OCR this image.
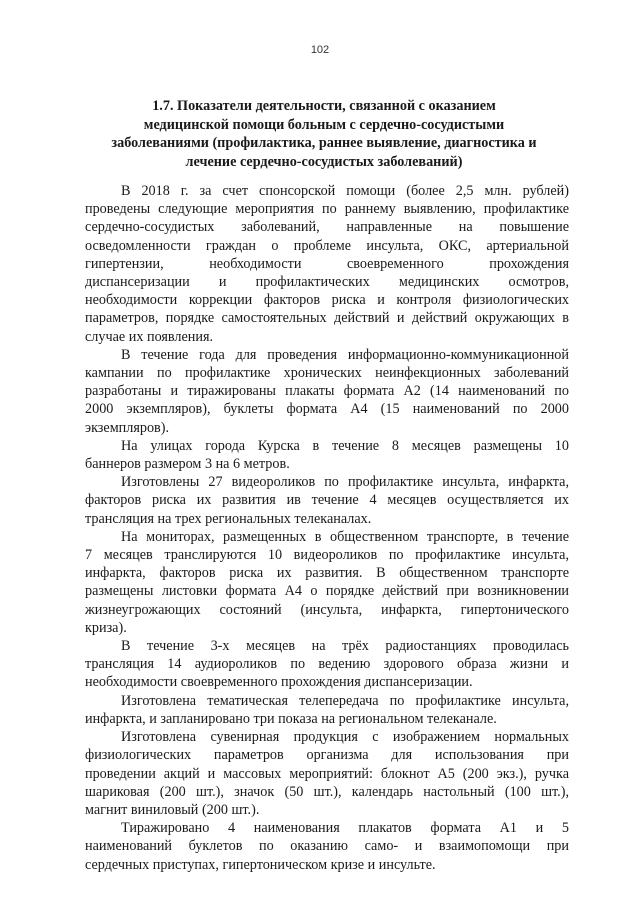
102
1.7. Показатели деятельности, связанной с оказанием
медицинской помощи больным с сердечно-сосудистыми
заболеваниями (профилактика, раннее выявление, диагностика и
лечение сердечно-сосудистых заболеваний)
В 2018 г. за счет спонсорской помощи (более 2,5 млн. рублей)
проведены следующие мероприятия по раннему выявлению, профилактике
сердечно-сосудистых заболеваний, направленные на повышение
осведомленности граждан о проблеме инсульта, ОКС, артериальной
гипертензии, необходимости своевременного прохождения
диспансеризации и профилактических медицинских осмотров,
необходимости коррекции факторов риска и контроля физиологических
параметров, порядке самостоятельных действий и действий окружающих в
случае их появления.
В течение года для проведения информационно-коммуникационной
кампании по профилактике хронических неинфекционных заболеваний
разработаны и тиражированы плакаты формата А2 (14 наименований по
2000 экземпляров), буклеты формата А4 (15 наименований по 2000
экземпляров).
На улицах города Курска в течение 8 месяцев размещены 10
баннеров размером 3 на 6 метров.
Изготовлены 27 видеороликов по профилактике инсульта, инфаркта,
факторов риска их развития ив течение 4 месяцев осуществляется их
трансляция на трех региональных телеканалах.
На мониторах, размещенных в общественном транспорте, в течение
7 месяцев транслируются 10 видеороликов по профилактике инсульта,
инфаркта, факторов риска их развития. В общественном транспорте
размещены листовки формата А4 о порядке действий при возникновении
жизнеугрожающих состояний (инсульта, инфаркта, гипертонического
криза).
В течение 3-х месяцев на трёх радиостанциях проводилась
трансляция 14 аудиороликов по ведению здорового образа жизни и
необходимости своевременного прохождения диспансеризации.
Изготовлена тематическая телепередача по профилактике инсульта,
инфаркта, и запланировано три показа на региональном телеканале.
Изготовлена сувенирная продукция с изображением нормальных
физиологических параметров организма для использования при
проведении акций и массовых мероприятий: блокнот А5 (200 экз.), ручка
шариковая (200 шт.), значок (50 шт.), календарь настольный (100 шт.),
магнит виниловый (200 шт.).
Тиражировано 4 наименования плакатов формата А1 и 5
наименований буклетов по оказанию само- и взаимопомощи при
сердечных приступах, гипертоническом кризе и инсульте.
